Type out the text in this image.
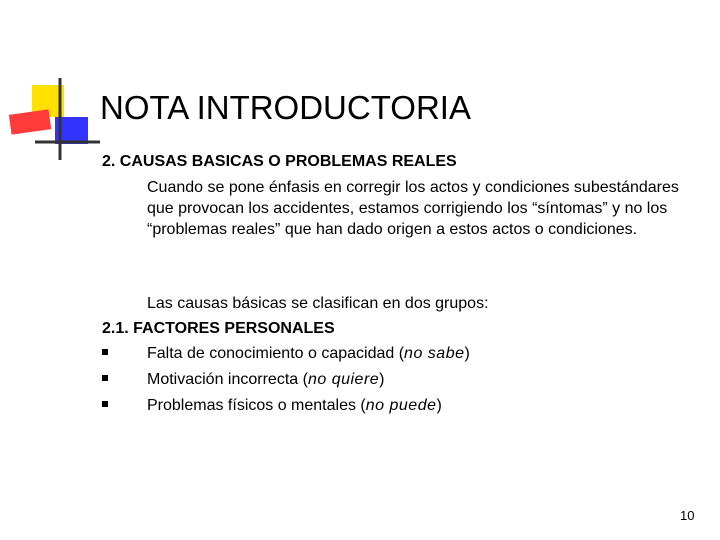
NOTA INTRODUCTORIA
2. CAUSAS BASICAS O PROBLEMAS REALES
Cuando se pone énfasis en corregir los actos y condiciones subestándares que provocan los accidentes, estamos corrigiendo los “síntomas” y no los “problemas reales” que han dado origen a estos actos o condiciones.
Las causas básicas se clasifican en dos grupos:
2.1. FACTORES PERSONALES
Falta de conocimiento o capacidad (no sabe)
Motivación incorrecta (no quiere)
Problemas físicos o mentales (no puede)
10
